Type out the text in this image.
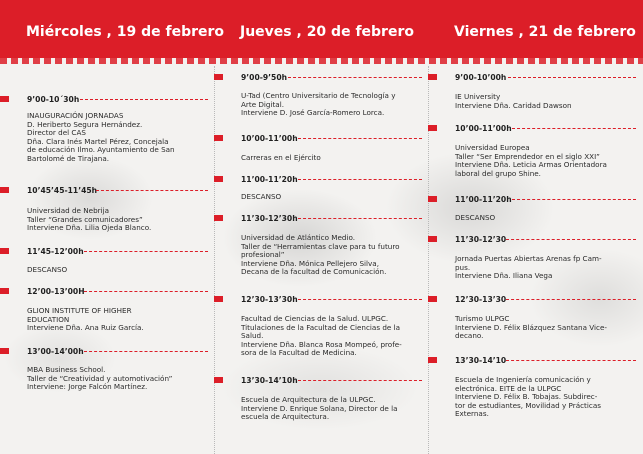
Miércoles , 19 de febrero Jueves , 20 de febrero	Viernes , 21 de febrero
9’00-10´30h
INAUGURACIÓN JORNADAS
D. Heriberto Segura Hernández.
Director del CAS
Dña. Clara Inés Martel Pérez, Concejala
de educación Ilmo. Ayuntamiento de San
Bartolomé de Tirajana.
10’45’45-11’45h
Universidad de Nebrija
Taller “Grandes comunicadores”
Interviene Dña. Lilia Ojeda Blanco.
11’45-12’00h
DESCANSO
12’00-13’00H
GLION INSTITUTE OF HIGHER
EDUCATION
Interviene Dña. Ana Ruiz García.
13’00-14’00h
MBA Business School.
Taller de “Creatividad y automotivación”
Interviene: Jorge Falcón Martínez.
9’00-9’50h
U-Tad (Centro Universitario de Tecnología y
Arte Digital.
Interviene D. José García-Romero Lorca.
10’00-11’00h
Carreras en el Ejército
11’00-11’20h
DESCANSO
11’30-12’30h
Universidad de Atlántico Medio.
Taller de “Herramientas clave para tu futuro
profesional”
Interviene Dña. Mónica Pellejero Silva,
Decana de la facultad de Comunicación.
12’30-13’30h
Facultad de Ciencias de la Salud. ULPGC.
Titulaciones de la Facultad de Ciencias de la
Salud.
Interviene Dña. Blanca Rosa Mompeó, profe-
sora de la Facultad de Medicina.
13’30-14’10h
Escuela de Arquitectura de la ULPGC.
Interviene D. Enrique Solana, Director de la
escuela de Arquitectura.
9’00-10’00h
IE University
Interviene Dña. Caridad Dawson
10’00-11’00h
Universidad Europea
Taller “Ser Emprendedor en el siglo XXI”
Interviene Dña. Leticia Armas Orientadora
laboral del grupo Shine.
11’00-11’20h
DESCANSO
11’30-12’30
Jornada Puertas Abiertas Arenas fp Cam-
pus.
Interviene Dña. Iliana Vega
12’30-13’30
Turismo ULPGC
Interviene D. Félix Blázquez Santana Vice-
decano.
13’30-14’10
Escuela de Ingeniería comunicación y
electrónica. EITE de la ULPGC
Interviene D. Félix B. Tobajas. Subdirec-
tor de estudiantes, Movilidad y Prácticas
Externas.
